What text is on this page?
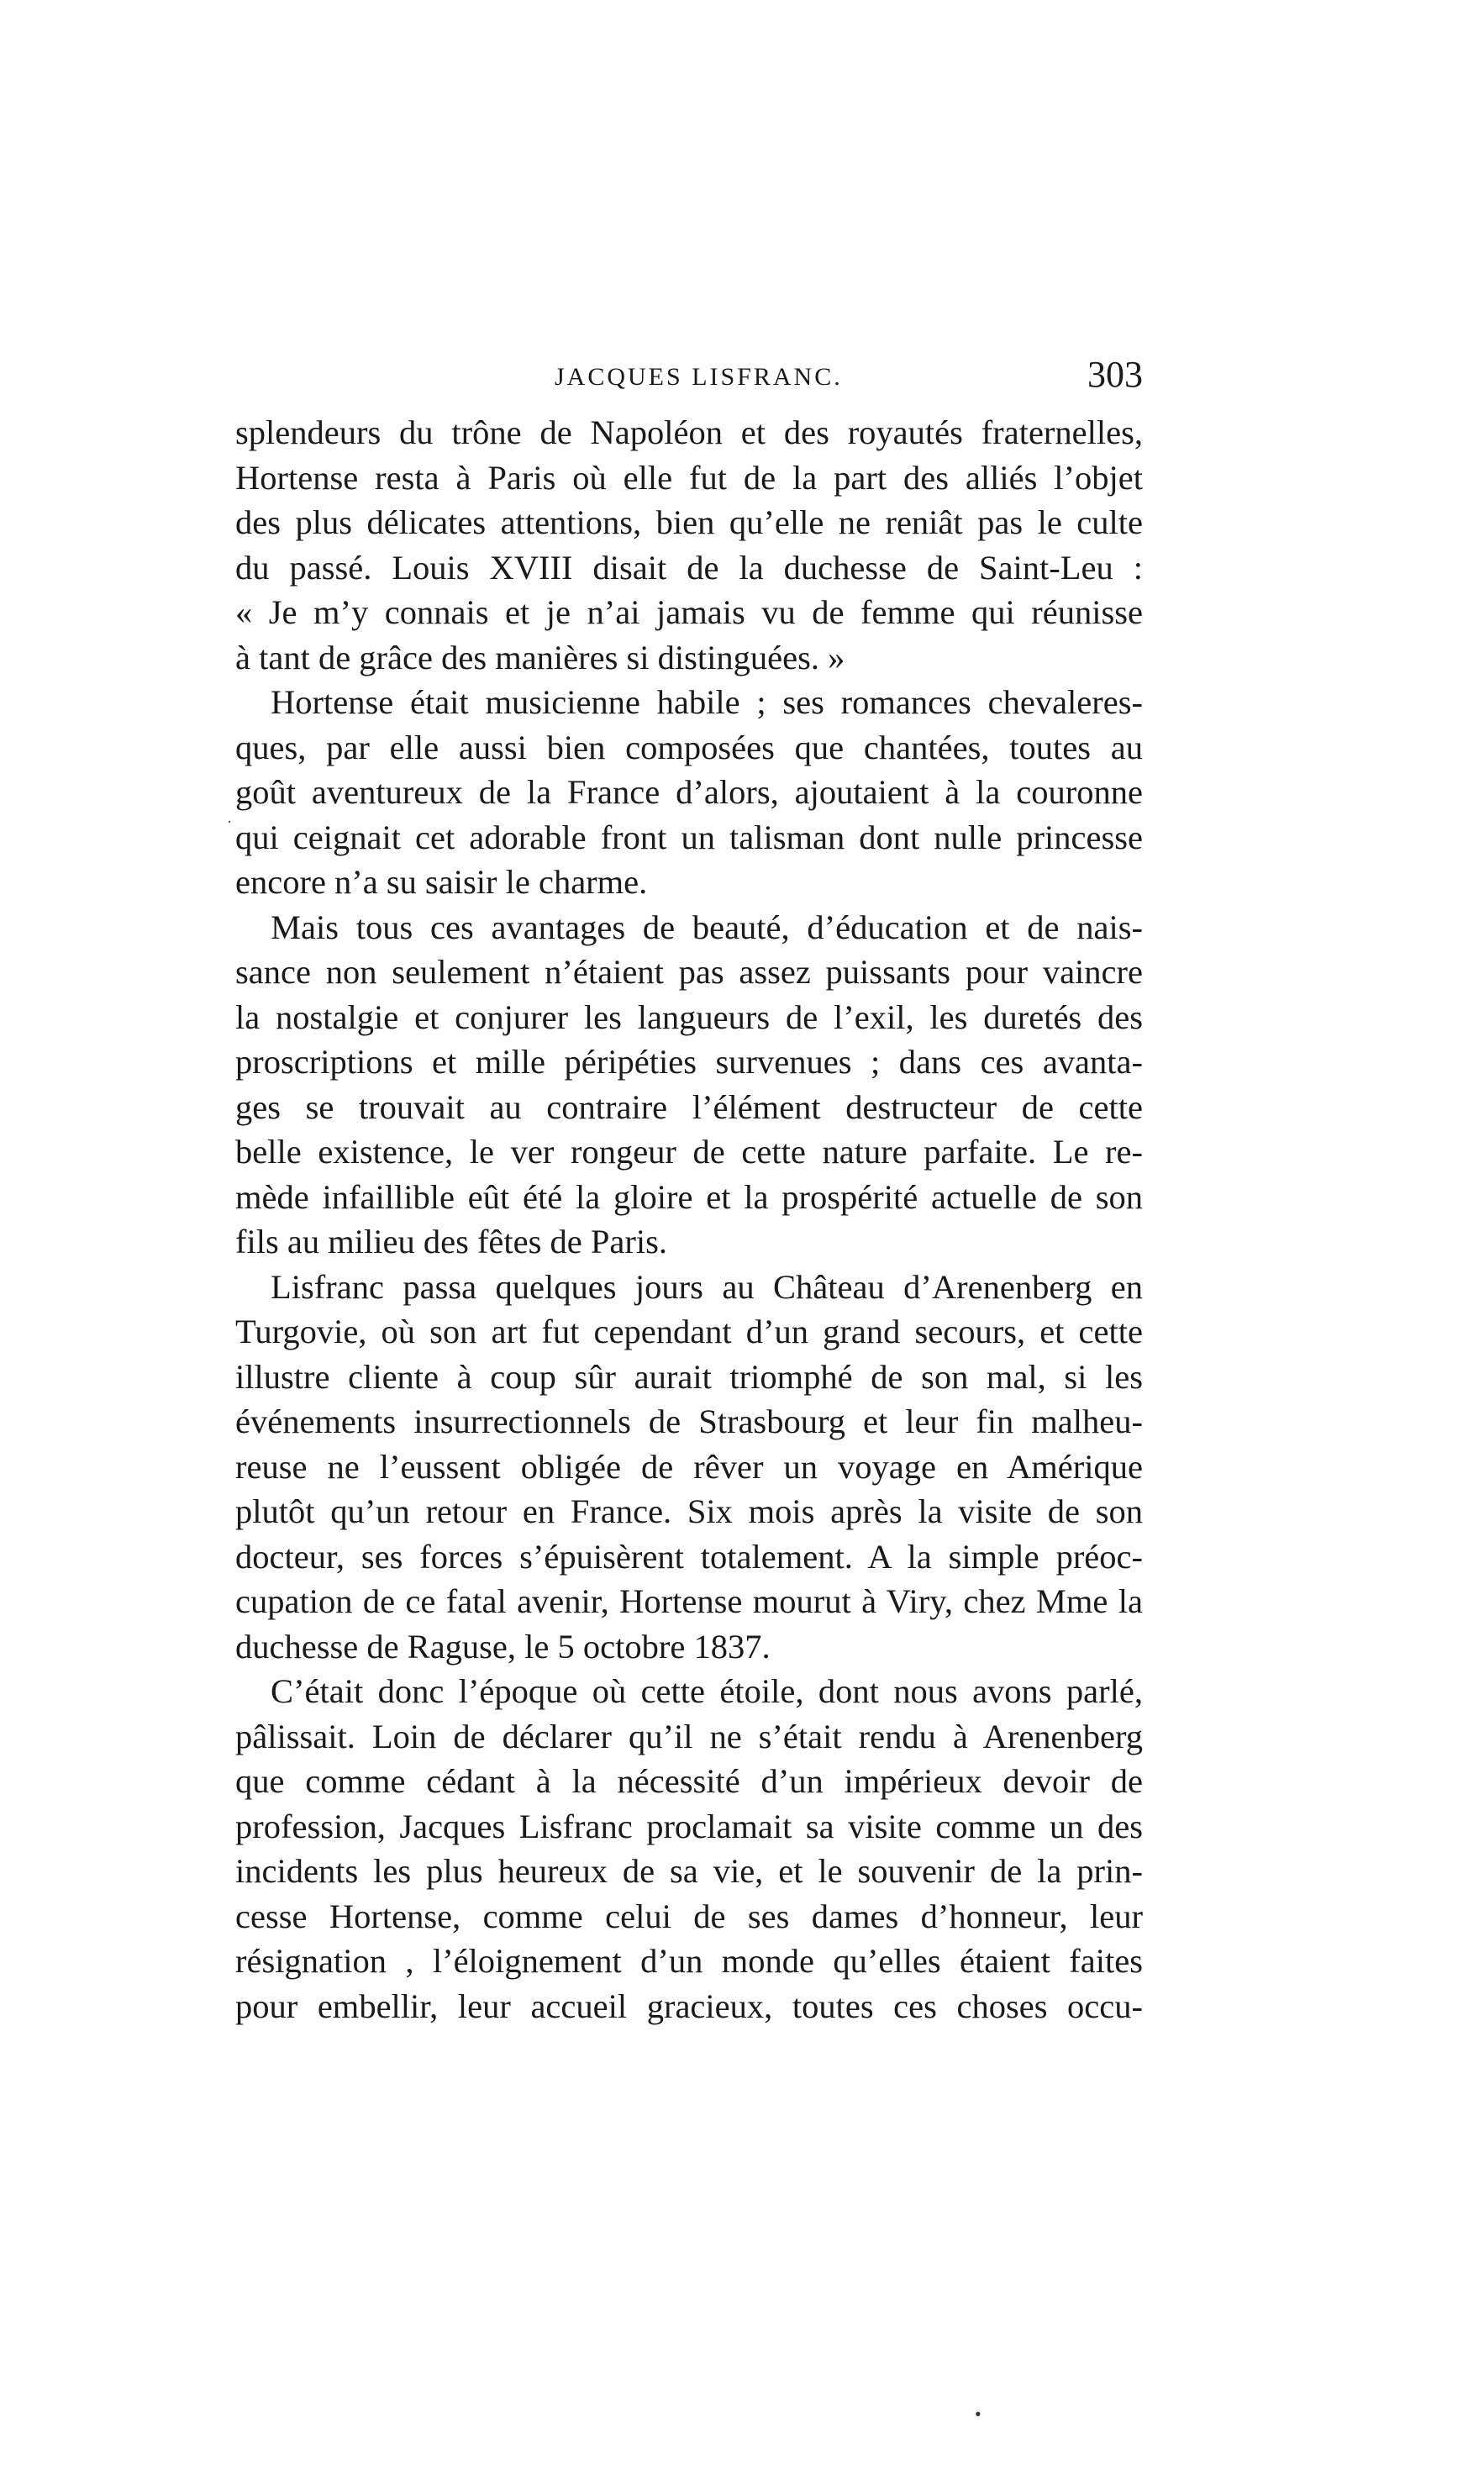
JACQUES LISFRANC.	303
splendeurs du trône de Napoléon et des royautés fraternelles,
Hortense resta à Paris où elle fut de la part des alliés l’objet
des plus délicates attentions, bien qu’elle ne reniât pas le culte
du passé. Louis XVIII disait de la duchesse de Saint-Leu :
« Je m’y connais et je n’ai jamais vu de femme qui réunisse
à tant de grâce des manières si distinguées. »
Hortense était musicienne habile ; ses romances chevaleres-
ques, par elle aussi bien composées que chantées, toutes au
goût aventureux de la France d’alors, ajoutaient à la couronne
qui ceignait cet adorable front un talisman dont nulle princesse
encore n’a su saisir le charme.
Mais tous ces avantages de beauté, d’éducation et de nais-
sance non seulement n’étaient pas assez puissants pour vaincre
la nostalgie et conjurer les langueurs de l’exil, les duretés des
proscriptions et mille péripéties survenues ; dans ces avanta-
ges se trouvait au contraire l’élément destructeur de cette
belle existence, le ver rongeur de cette nature parfaite. Le re-
mède infaillible eût été la gloire et la prospérité actuelle de son
fils au milieu des fêtes de Paris.
Lisfranc passa quelques jours au Château d’Arenenberg en
Turgovie, où son art fut cependant d’un grand secours, et cette
illustre cliente à coup sûr aurait triomphé de son mal, si les
événements insurrectionnels de Strasbourg et leur fin malheu-
reuse ne l’eussent obligée de rêver un voyage en Amérique
plutôt qu’un retour en France. Six mois après la visite de son
docteur, ses forces s’épuisèrent totalement. A la simple préoc-
cupation de ce fatal avenir, Hortense mourut à Viry, chez Mme la
duchesse de Raguse, le 5 octobre 1837.
C’était donc l’époque où cette étoile, dont nous avons parlé,
pâlissait. Loin de déclarer qu’il ne s’était rendu à Arenenberg
que comme cédant à la nécessité d’un impérieux devoir de
profession, Jacques Lisfranc proclamait sa visite comme un des
incidents les plus heureux de sa vie, et le souvenir de la prin-
cesse Hortense, comme celui de ses dames d’honneur, leur
résignation , l’éloignement d’un monde qu’elles étaient faites
pour embellir, leur accueil gracieux, toutes ces choses occu-
·
•
